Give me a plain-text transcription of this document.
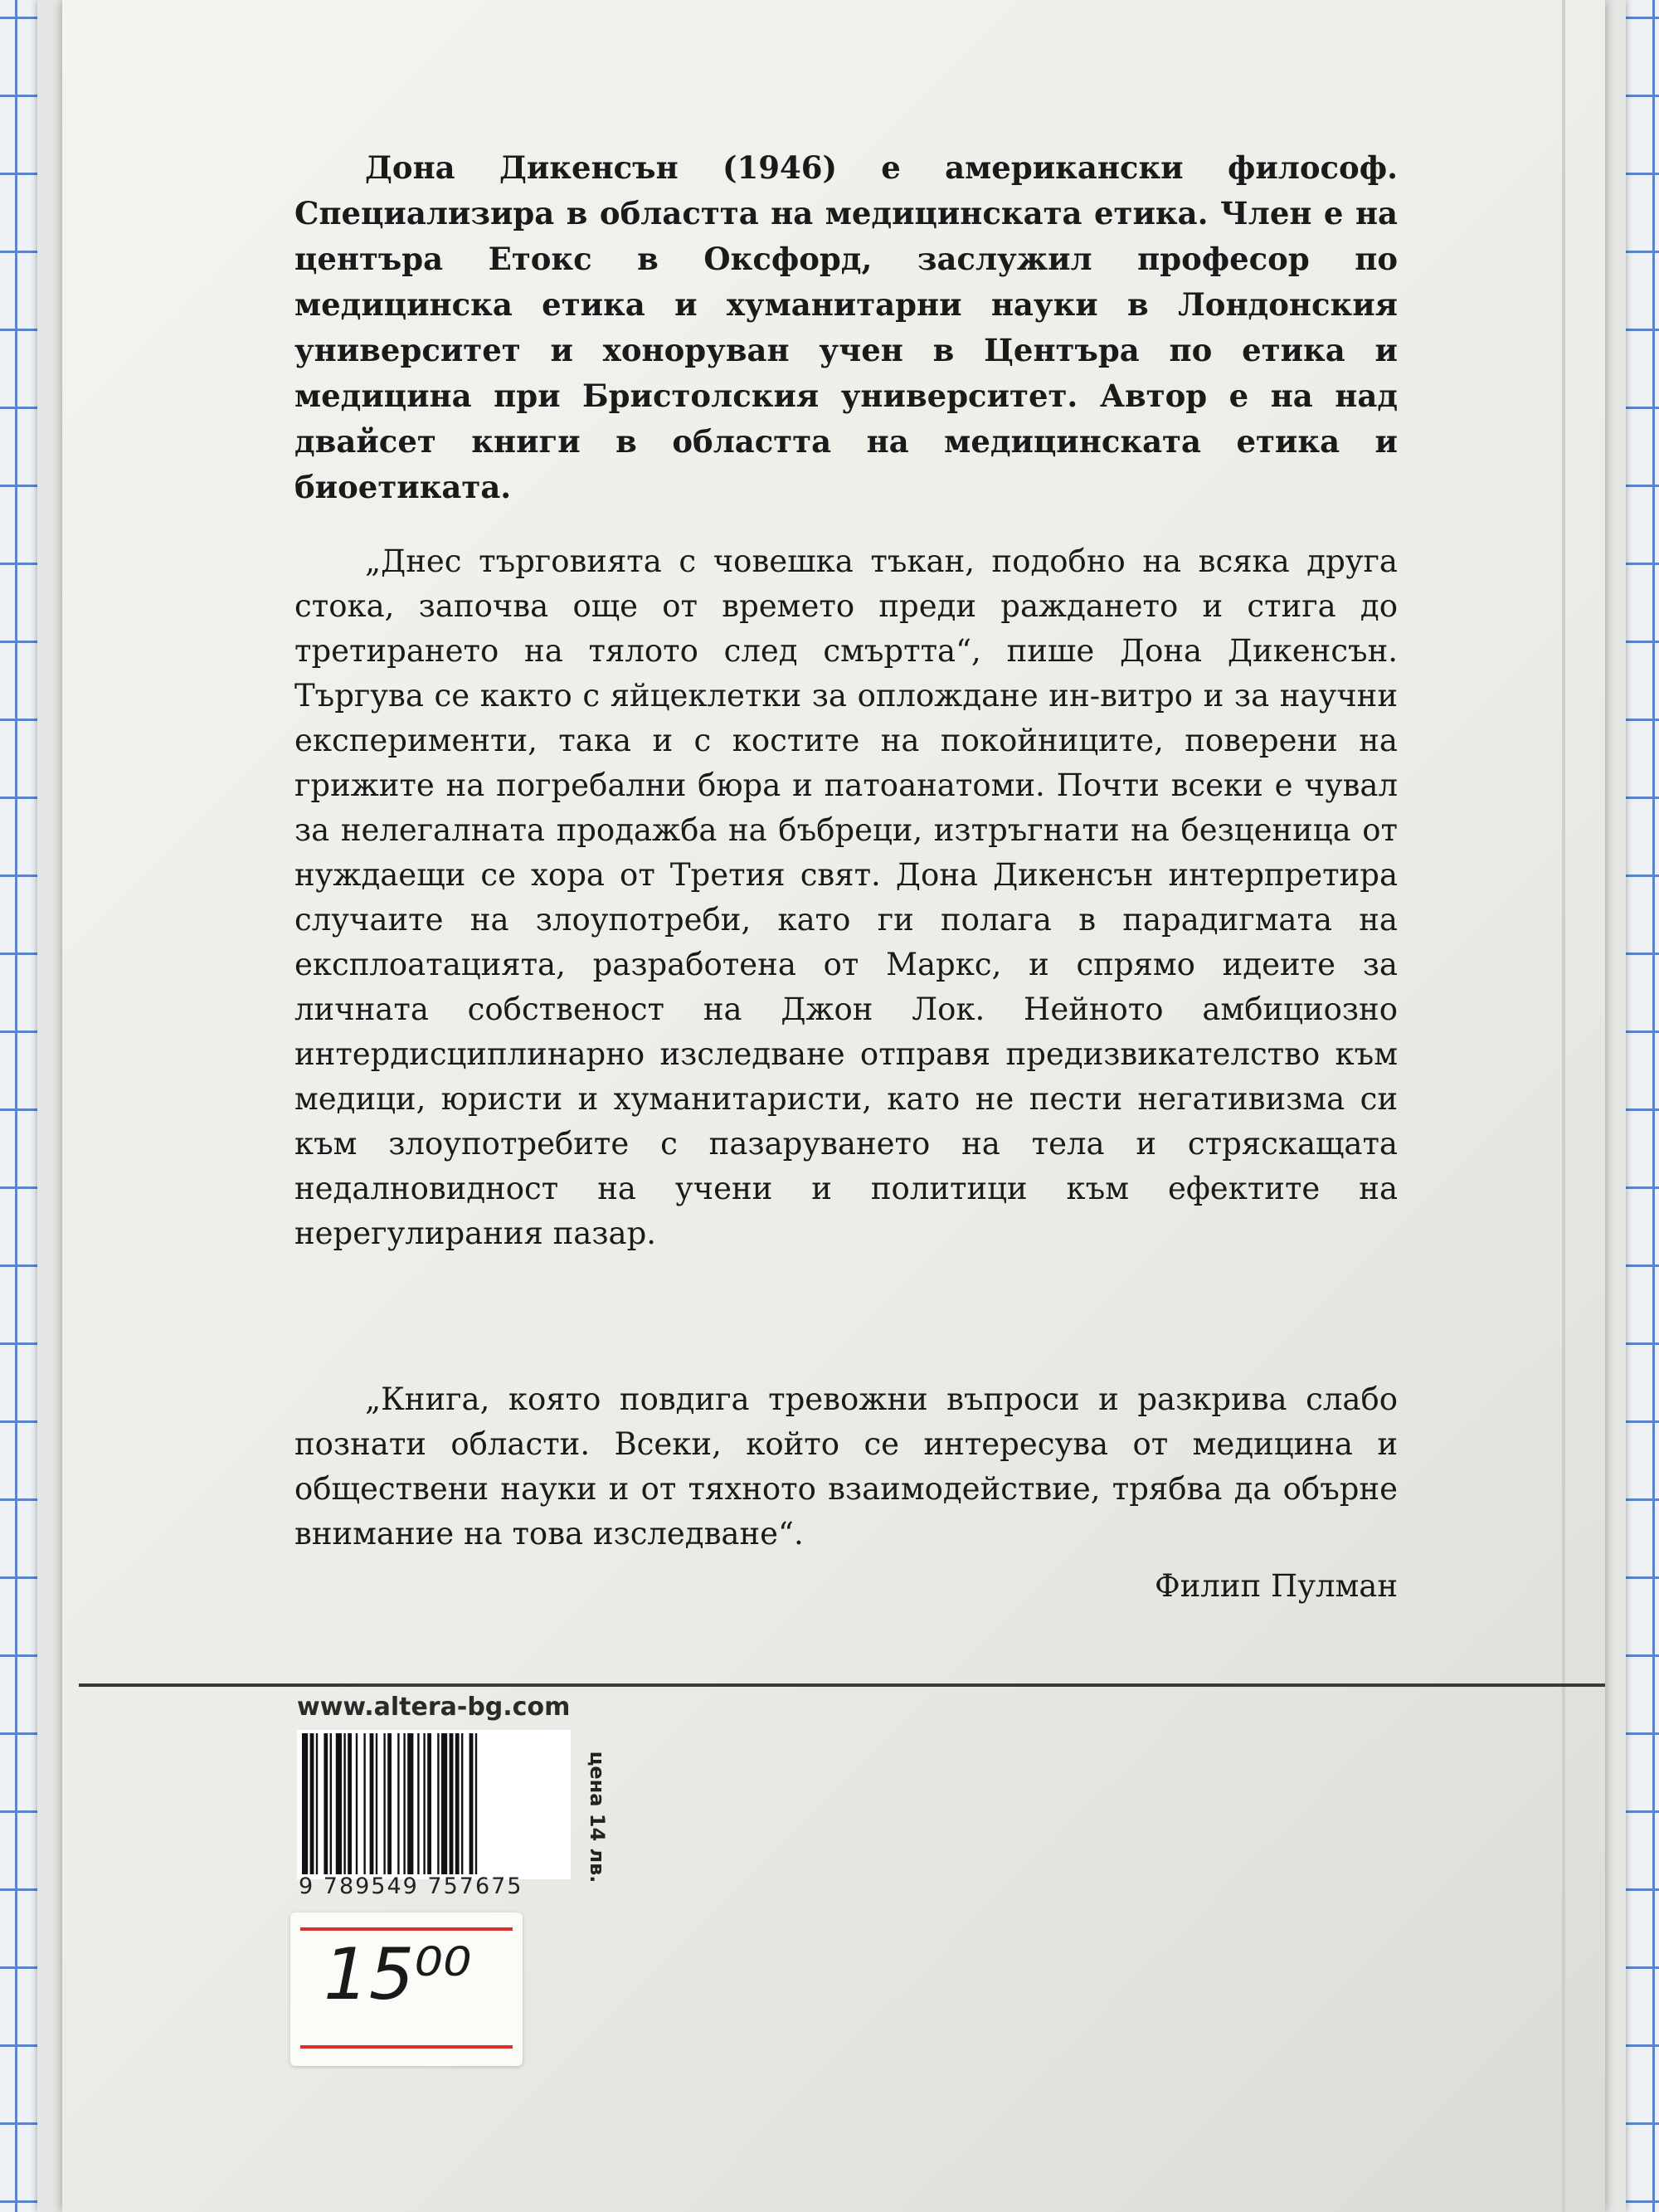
Дона Дикенсън (1946) е американски философ. Специализира в областта на медицинската етика. Член е на центъра Етокс в Оксфорд, заслужил професор по медицинска етика и хуманитарни науки в Лондонския университет и хоноруван учен в Центъра по етика и медицина при Бристолския университет. Автор е на над двайсет книги в областта на медицинската етика и биоетиката.
„Днес търговията с човешка тъкан, подобно на всяка друга стока, започва още от времето преди раждането и стига до третирането на тялото след смъртта“, пише Дона Дикенсън. Търгува се както с яйцеклетки за оплождане ин-витро и за научни експерименти, така и с костите на покойниците, поверени на грижите на погребални бюра и патоанатоми. Почти всеки е чувал за нелегалната продажба на бъбреци, изтръгнати на безценица от нуждаещи се хора от Третия свят. Дона Дикенсън интерпретира случаите на злоупотреби, като ги полага в парадигмата на експлоатацията, разработена от Маркс, и спрямо идеите за личната собственост на Джон Лок. Нейното амбициозно интердисциплинарно изследване отправя предизвикателство към медици, юристи и хуманитаристи, като не пести негативизма си към злоупотребите с пазаруването на тела и стряскащата недалновидност на учени и политици към ефектите на нерегулирания пазар.
„Книга, която повдига тревожни въпроси и разкрива слабо познати области. Всеки, който се интересува от медицина и обществени науки и от тяхното взаимодействие, трябва да обърне внимание на това изследване“.
Филип Пулман
www.altera-bg.com
9 789549 757675
цена 14 лв.
15⁰⁰
